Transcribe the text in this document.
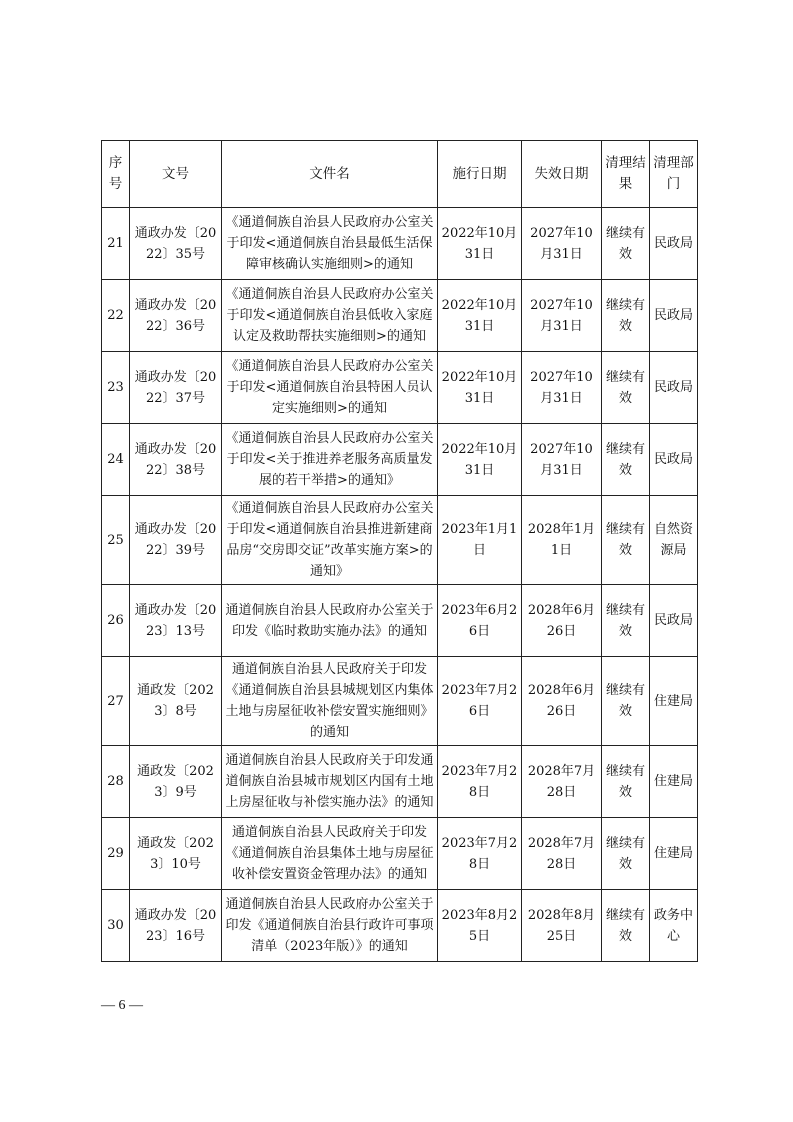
序号	文号	文件名	施行日期	失效日期	清理结果	清理部门
21	通政办发〔2022〕35号	《通道侗族自治县人民政府办公室关于印发<通道侗族自治县最低生活保障审核确认实施细则>的通知	2022年10月31日	2027年10月31日	继续有效	民政局
22	通政办发〔2022〕36号	《通道侗族自治县人民政府办公室关于印发<通道侗族自治县低收入家庭认定及救助帮扶实施细则>的通知	2022年10月31日	2027年10月31日	继续有效	民政局
23	通政办发〔2022〕37号	《通道侗族自治县人民政府办公室关于印发<通道侗族自治县特困人员认定实施细则>的通知	2022年10月31日	2027年10月31日	继续有效	民政局
24	通政办发〔2022〕38号	《通道侗族自治县人民政府办公室关于印发<关于推进养老服务高质量发展的若干举措>的通知》	2022年10月31日	2027年10月31日	继续有效	民政局
25	通政办发〔2022〕39号	《通道侗族自治县人民政府办公室关于印发<通道侗族自治县推进新建商品房“交房即交证”改革实施方案>的通知》	2023年1月1日	2028年1月1日	继续有效	自然资源局
26	通政办发〔2023〕13号	通道侗族自治县人民政府办公室关于印发《临时救助实施办法》的通知	2023年6月26日	2028年6月26日	继续有效	民政局
27	通政发〔2023〕8号	通道侗族自治县人民政府关于印发《通道侗族自治县县城规划区内集体土地与房屋征收补偿安置实施细则》的通知	2023年7月26日	2028年6月26日	继续有效	住建局
28	通政发〔2023〕9号	通道侗族自治县人民政府关于印发通道侗族自治县城市规划区内国有土地上房屋征收与补偿实施办法》的通知	2023年7月28日	2028年7月28日	继续有效	住建局
29	通政发〔2023〕10号	通道侗族自治县人民政府关于印发《通道侗族自治县集体土地与房屋征收补偿安置资金管理办法》的通知	2023年7月28日	2028年7月28日	继续有效	住建局
30	通政办发〔2023〕16号	通道侗族自治县人民政府办公室关于印发《通道侗族自治县行政许可事项清单（2023年版）》的通知	2023年8月25日	2028年8月25日	继续有效	政务中心
— 6 —
